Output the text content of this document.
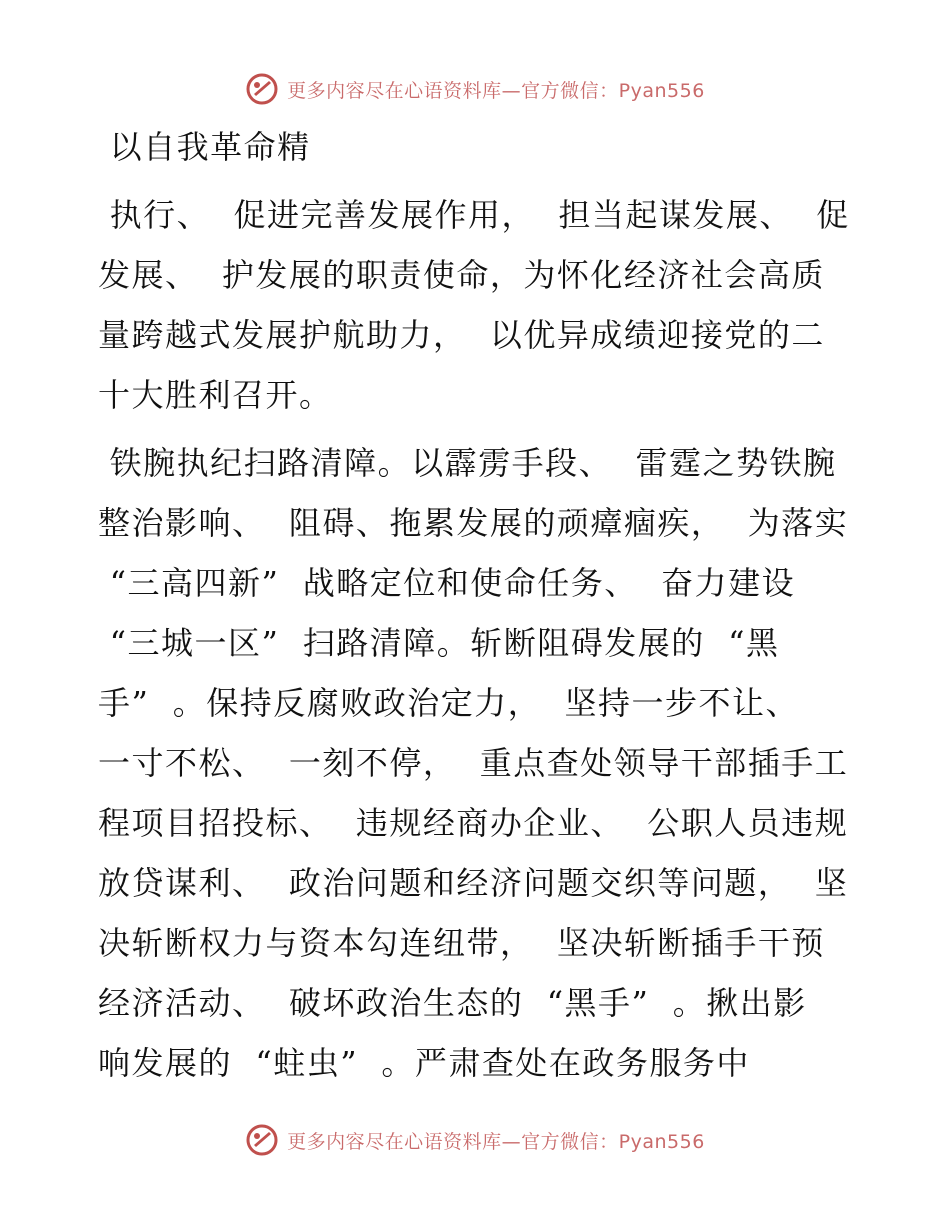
更多内容尽在心语资料库—官方微信：Pyan556
以自我革命精
执行、  促进完善发展作用，  担当起谋发展、  促
发展、  护发展的职责使命，为怀化经济社会高质
量跨越式发展护航助力，  以优异成绩迎接党的二
十大胜利召开。
铁腕执纪扫路清障。以霹雳手段、  雷霆之势铁腕
整治影响、  阻碍、拖累发展的顽瘴痼疾，  为落实
“三高四新”  战略定位和使命任务、  奋力建设
“三城一区”  扫路清障。斩断阻碍发展的  “黑
手”  。保持反腐败政治定力，  坚持一步不让、
一寸不松、  一刻不停，  重点查处领导干部插手工
程项目招投标、  违规经商办企业、  公职人员违规
放贷谋利、  政治问题和经济问题交织等问题，  坚
决斩断权力与资本勾连纽带，  坚决斩断插手干预
经济活动、  破坏政治生态的  “黑手”  。揪出影
响发展的  “蛀虫”  。严肃查处在政务服务中
更多内容尽在心语资料库—官方微信：Pyan556
